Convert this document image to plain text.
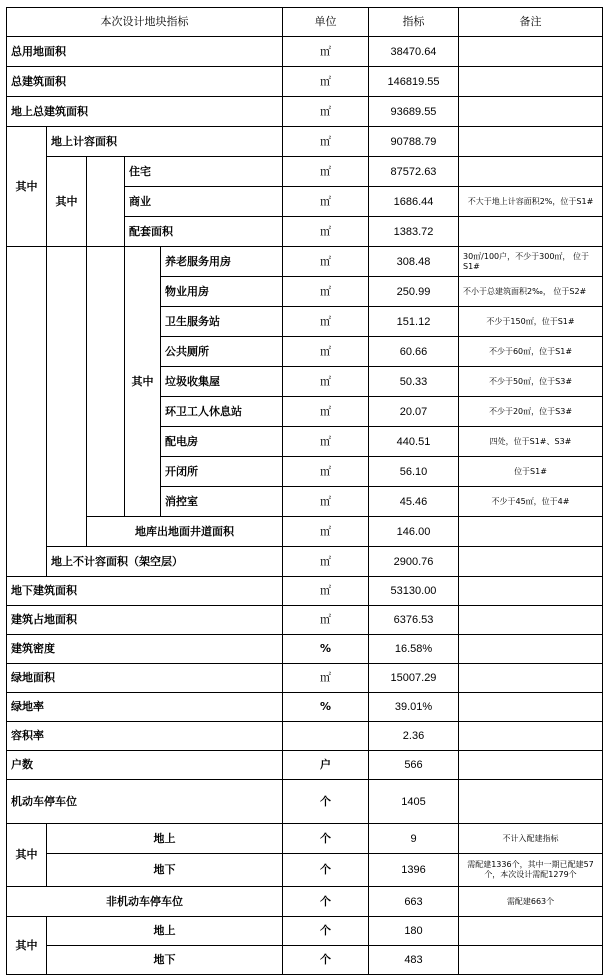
本次设计地块指标				单位	指标	备注
总用地面积				㎡	38470.64	
总建筑面积				㎡	146819.55	
地上总建筑面积				㎡	93689.55	
其中	地上计容面积			㎡	90788.79	
	其中		住宅	㎡	87572.63	
			商业	㎡	1686.44	不大于地上计容面积2%，位于S1#
			配套面积	㎡	1383.72	
			其中	养老服务用房	㎡	308.48	30㎡/100户，不少于300㎡， 位于S1#
				物业用房	㎡	250.99	不小于总建筑面积2‰， 位于S2#
				卫生服务站	㎡	151.12	不少于150㎡，位于S1#
				公共厕所	㎡	60.66	不少于60㎡，位于S1#
				垃圾收集屋	㎡	50.33	不少于50㎡，位于S3#
				环卫工人休息站	㎡	20.07	不少于20㎡，位于S3#
				配电房	㎡	440.51	四处，位于S1#、S3#
				开闭所	㎡	56.10	位于S1#
				消控室	㎡	45.46	不少于45㎡，位于4#
		地库出地面井道面积	㎡	146.00	
	地上不计容面积（架空层）		㎡	2900.76	
地下建筑面积			㎡	53130.00	
建筑占地面积			㎡	6376.53	
建筑密度			%	16.58%	
绿地面积			㎡	15007.29	
绿地率			%	39.01%	
容积率				2.36	
户数			户	566	
机动车停车位			个	1405	
其中	地上		个	9	不计入配建指标
	地下		个	1396	需配建1336个，其中一期已配建57个，本次设计需配1279个
非机动车停车位			个	663	需配建663个
其中	地上		个	180	
	地下		个	483	
